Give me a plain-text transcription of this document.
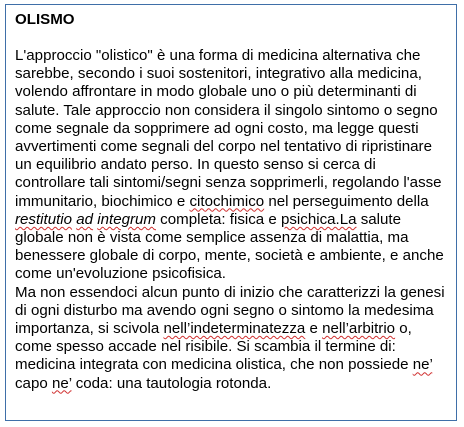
OLISMO

L'approccio "olistico" è una forma di medicina alternativa che sarebbe, secondo i suoi sostenitori, integrativo alla medicina, volendo affrontare in modo globale uno o più determinanti di salute. Tale approccio non considera il singolo sintomo o segno come segnale da sopprimere ad ogni costo, ma legge questi avvertimenti come segnali del corpo nel tentativo di ripristinare un equilibrio andato perso. In questo senso si cerca di controllare tali sintomi/segni senza sopprimerli, regolando l'asse immunitario, biochimico e citochimico nel perseguimento della restitutio ad integrum completa: fisica e psichica.La salute globale non è vista come semplice assenza di malattia, ma benessere globale di corpo, mente, società e ambiente, e anche come un'evoluzione psicofisica.

Ma non essendoci alcun punto di inizio che caratterizzi la genesi di ogni disturbo ma avendo ogni segno o sintomo la medesima importanza, si scivola nell’indeterminatezza e nell’arbitrio o, come spesso accade nel risibile. Si scambia il termine di: medicina integrata con medicina olistica, che non possiede ne’ capo ne’ coda: una tautologia rotonda.
